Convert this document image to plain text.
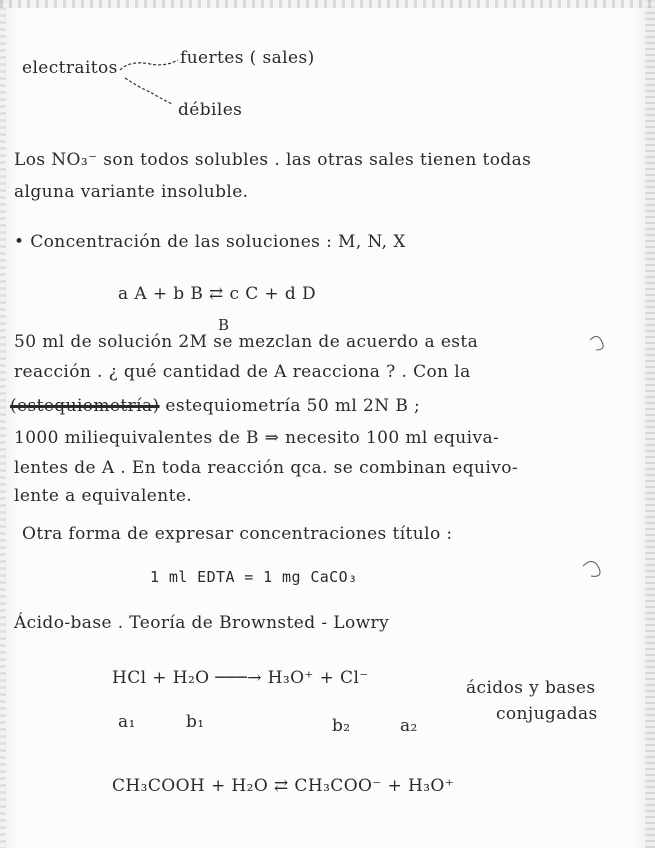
electraitos	fuertes ( sales)
débiles
Los NO₃⁻ son todos solubles . las otras sales tienen todas
alguna variante insoluble.
• Concentración de las soluciones : M, N, X
a A + b B ⇄ c C + d D
B
50 ml de solución 2M se mezclan de acuerdo a esta
reacción . ¿ qué cantidad de A reacciona ? . Con la
(estequiometría) estequiometría 50 ml 2N B ;
1000 miliequivalentes de B ⇒ necesito 100 ml equiva-
lentes de A . En toda reacción qca. se combinan equivo-
lente a equivalente.
Otra forma de expresar concentraciones título :
1 ml EDTA = 1 mg CaCO₃
Ácido-base . Teoría de Brownsted - Lowry
HCl + H₂O ───→ H₃O⁺ + Cl⁻	ácidos y bases
conjugadas
a₁	b₁	b₂	a₂
CH₃COOH + H₂O ⇄ CH₃COO⁻ + H₃O⁺
